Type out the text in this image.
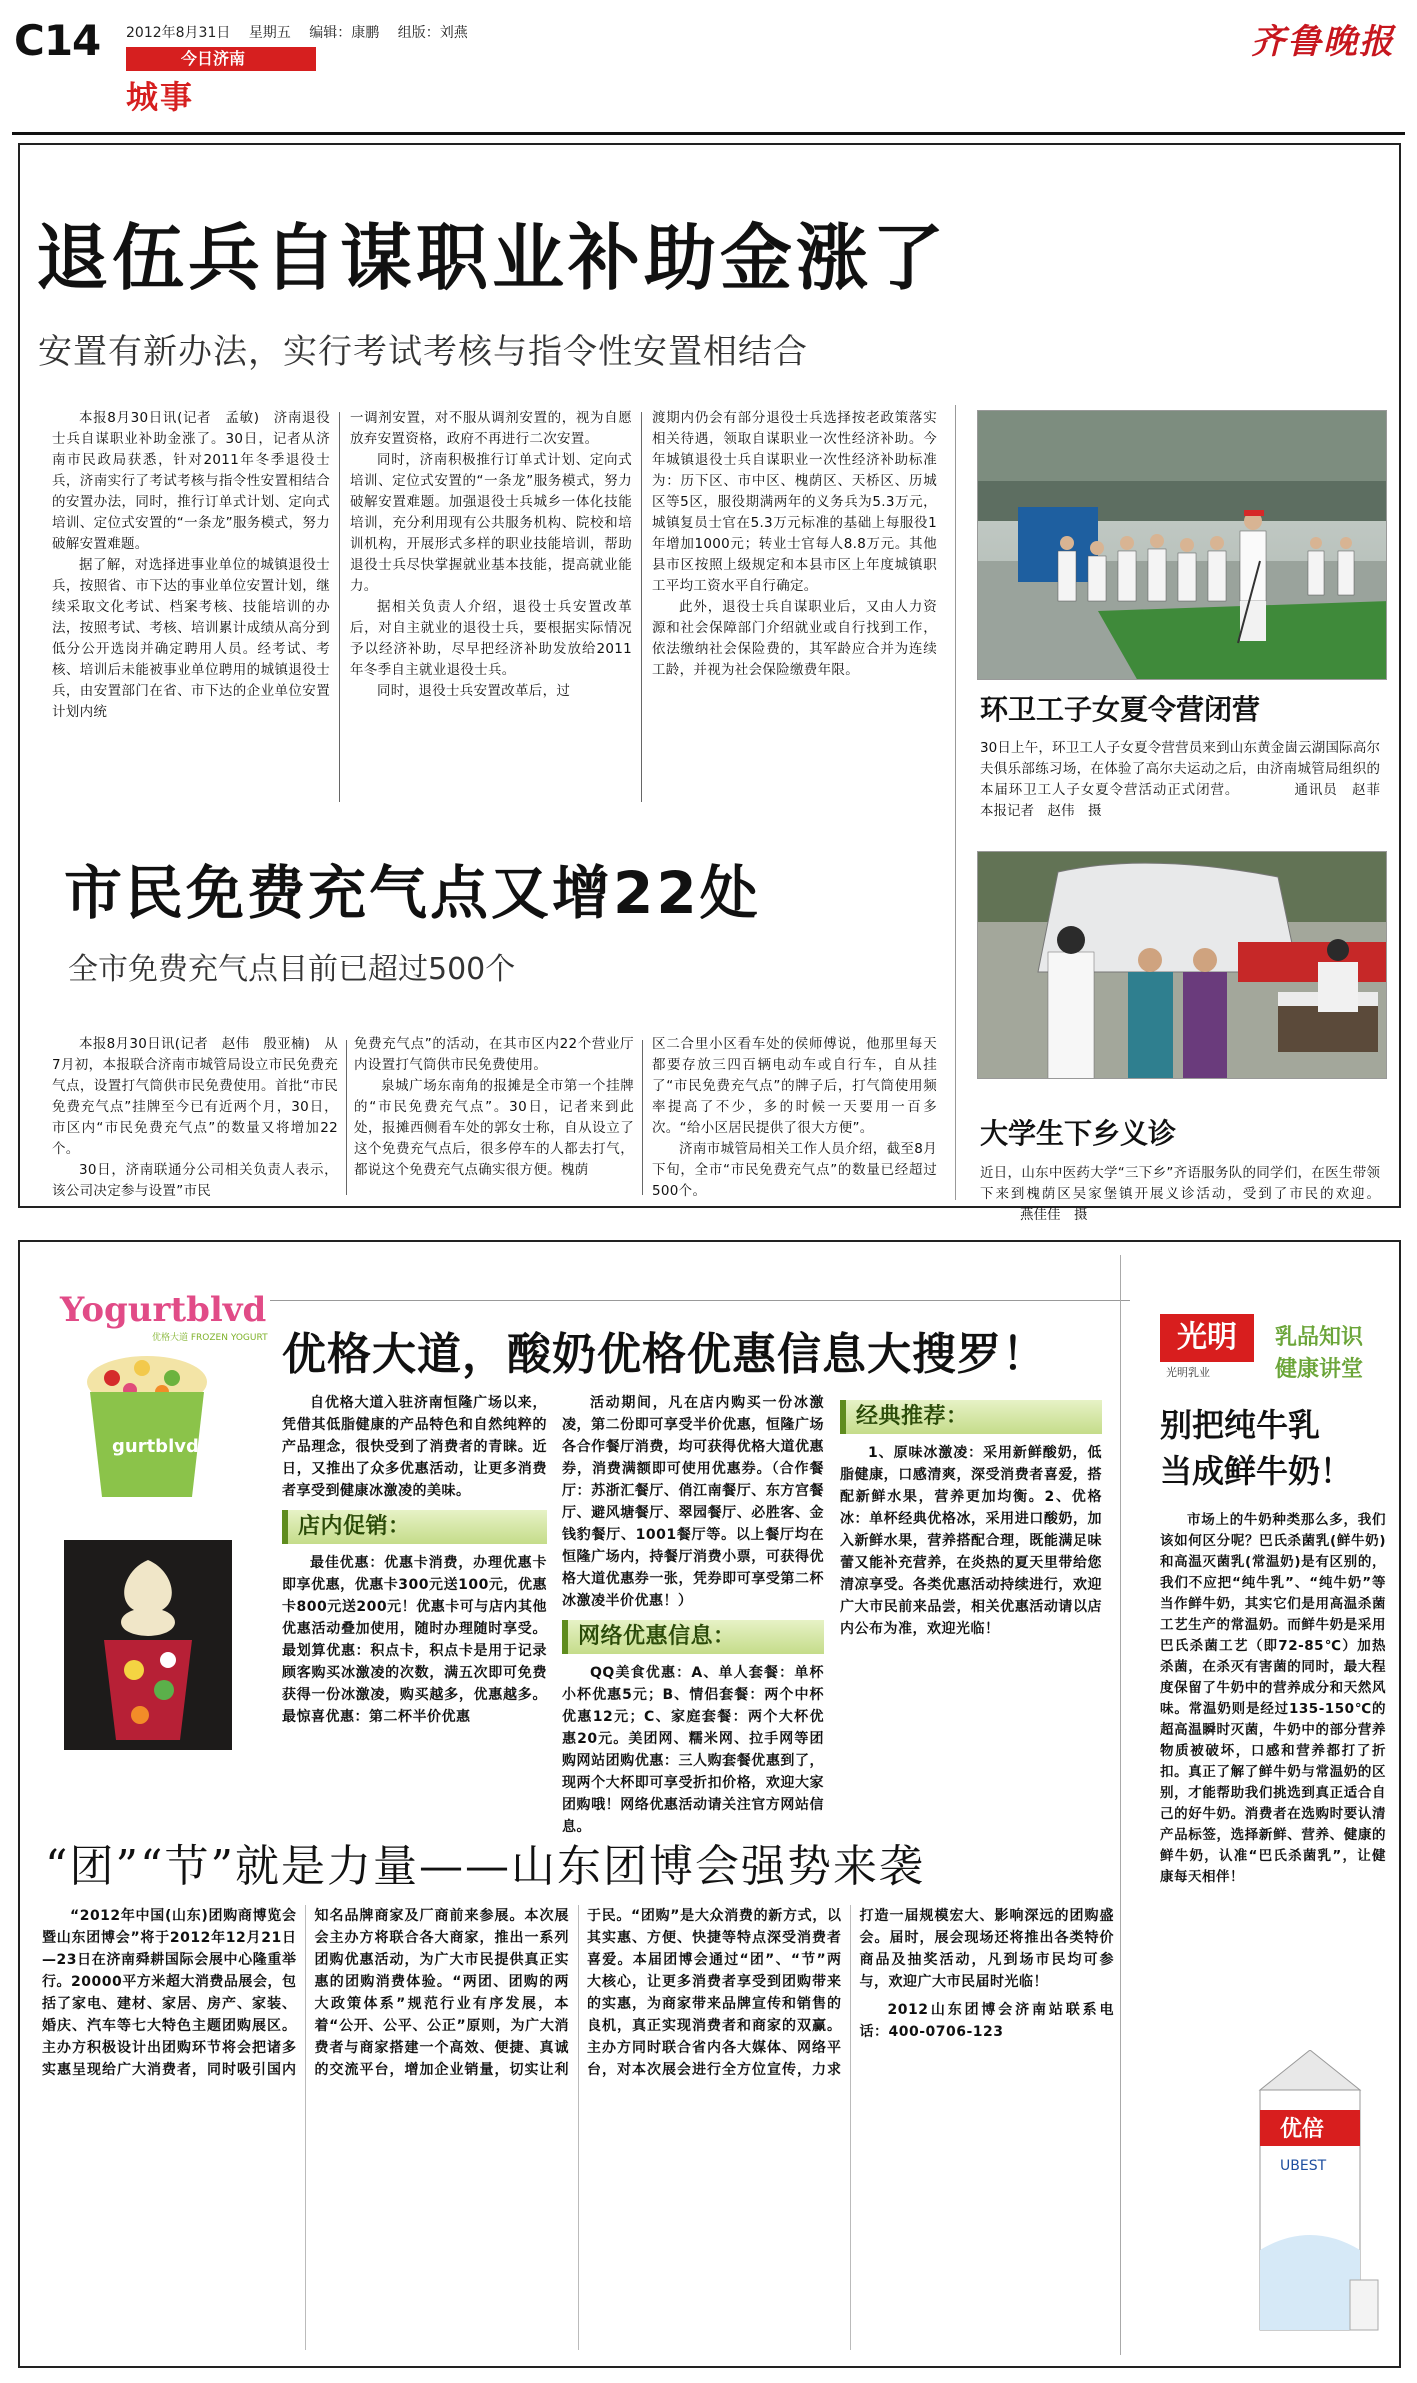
C14 2012年8月31日 星期五 编辑：康鹏 组版：刘燕
今日济南
城事
齐鲁晚报
退伍兵自谋职业补助金涨了
安置有新办法，实行考试考核与指令性安置相结合

本报8月30日讯(记者　孟敏)　济南退役士兵自谋职业补助金涨了。30日，记者从济南市民政局获悉，针对2011年冬季退役士兵，济南实行了考试考核与指令性安置相结合的安置办法，同时，推行订单式计划、定向式培训、定位式安置的“一条龙”服务模式，努力破解安置难题。

据了解，对选择进事业单位的城镇退役士兵，按照省、市下达的事业单位安置计划，继续采取文化考试、档案考核、技能培训的办法，按照考试、考核、培训累计成绩从高分到低分公开选岗并确定聘用人员。经考试、考核、培训后未能被事业单位聘用的城镇退役士兵，由安置部门在省、市下达的企业单位安置计划内统

一调剂安置，对不服从调剂安置的，视为自愿放弃安置资格，政府不再进行二次安置。

同时，济南积极推行订单式计划、定向式培训、定位式安置的“一条龙”服务模式，努力破解安置难题。加强退役士兵城乡一体化技能培训，充分利用现有公共服务机构、院校和培训机构，开展形式多样的职业技能培训，帮助退役士兵尽快掌握就业基本技能，提高就业能力。

据相关负责人介绍，退役士兵安置改革后，对自主就业的退役士兵，要根据实际情况予以经济补助，尽早把经济补助发放给2011年冬季自主就业退役士兵。

同时，退役士兵安置改革后，过

渡期内仍会有部分退役士兵选择按老政策落实相关待遇，领取自谋职业一次性经济补助。今年城镇退役士兵自谋职业一次性经济补助标准为：历下区、市中区、槐荫区、天桥区、历城区等5区，服役期满两年的义务兵为5.3万元，城镇复员士官在5.3万元标准的基础上每服役1年增加1000元；转业士官每人8.8万元。其他县市区按照上级规定和本县市区上年度城镇职工平均工资水平自行确定。

此外，退役士兵自谋职业后，又由人力资源和社会保障部门介绍就业或自行找到工作，依法缴纳社会保险费的，其军龄应合并为连续工龄，并视为社会保险缴费年限。

市民免费充气点又增22处
全市免费充气点目前已超过500个

本报8月30日讯(记者　赵伟　殷亚楠)　从7月初，本报联合济南市城管局设立市民免费充气点，设置打气筒供市民免费使用。首批“市民免费充气点”挂牌至今已有近两个月，30日，市区内“市民免费充气点”的数量又将增加22个。

30日，济南联通分公司相关负责人表示，该公司决定参与设置”市民

免费充气点”的活动，在其市区内22个营业厅内设置打气筒供市民免费使用。

泉城广场东南角的报摊是全市第一个挂牌的“市民免费充气点”。30日，记者来到此处，报摊西侧看车处的郭女士称，自从设立了这个免费充气点后，很多停车的人都去打气，都说这个免费充气点确实很方便。槐荫

区二合里小区看车处的侯师傅说，他那里每天都要存放三四百辆电动车或自行车，自从挂了“市民免费充气点”的牌子后，打气筒使用频率提高了不少，多的时候一天要用一百多次。“给小区居民提供了很大方便”。

济南市城管局相关工作人员介绍，截至8月下旬，全市“市民免费充气点”的数量已经超过500个。

环卫工子女夏令营闭营
30日上午，环卫工人子女夏令营营员来到山东黄金崮云湖国际高尔夫俱乐部练习场，在体验了高尔夫运动之后，由济南城管局组织的本届环卫工人子女夏令营活动正式闭营。	通讯员　赵菲　本报记者　赵伟　摄
大学生下乡义诊
近日，山东中医药大学“三下乡”齐语服务队的同学们，在医生带领下来到槐荫区吴家堡镇开展义诊活动，受到了市民的欢迎。 燕佳佳　摄
Yogurtblvd
优格大道 FROZEN YOGURT
gurtblvd
优格大道，酸奶优格优惠信息大搜罗！

自优格大道入驻济南恒隆广场以来，凭借其低脂健康的产品特色和自然纯粹的产品理念，很快受到了消费者的青睐。近日，又推出了众多优惠活动，让更多消费者享受到健康冰激凌的美味。

店内促销：

最佳优惠：优惠卡消费，办理优惠卡即享优惠，优惠卡300元送100元，优惠卡800元送200元！优惠卡可与店内其他优惠活动叠加使用，随时办理随时享受。最划算优惠：积点卡，积点卡是用于记录顾客购买冰激凌的次数，满五次即可免费获得一份冰激凌，购买越多，优惠越多。最惊喜优惠：第二杯半价优惠

活动期间，凡在店内购买一份冰激凌，第二份即可享受半价优惠，恒隆广场各合作餐厅消费，均可获得优格大道优惠券，消费满额即可使用优惠券。（合作餐厅：苏浙汇餐厅、俏江南餐厅、东方宫餐厅、避风塘餐厅、翠园餐厅、必胜客、金钱豹餐厅、1001餐厅等。以上餐厅均在恒隆广场内，持餐厅消费小票，可获得优格大道优惠券一张，凭券即可享受第二杯冰激凌半价优惠！）

网络优惠信息：

QQ美食优惠：A、单人套餐：单杯小杯优惠5元；B、情侣套餐：两个中杯优惠12元；C、家庭套餐：两个大杯优惠20元。美团网、糯米网、拉手网等团购网站团购优惠：三人购套餐优惠到了，现两个大杯即可享受折扣价格，欢迎大家团购哦！网络优惠活动请关注官方网站信息。

经典推荐：

1、原味冰激凌：采用新鲜酸奶，低脂健康，口感清爽，深受消费者喜爱，搭配新鲜水果，营养更加均衡。2、优格冰：单杯经典优格冰，采用进口酸奶，加入新鲜水果，营养搭配合理，既能满足味蕾又能补充营养，在炎热的夏天里带给您清凉享受。各类优惠活动持续进行，欢迎广大市民前来品尝，相关优惠活动请以店内公布为准，欢迎光临！

“团”“节”就是力量——山东团博会强势来袭

“2012年中国(山东)团购商博览会暨山东团博会”将于2012年12月21日—23日在济南舜耕国际会展中心隆重举行。20000平方米超大消费品展会，包括了家电、建材、家居、房产、家装、婚庆、汽车等七大特色主题团购展区。主办方积极设计出团购环节将会把诸多实惠呈现给广大消费者，同时吸引国内知名品牌商家及厂商前来参展。本次展会主办方将联合各大商家，推出一系列团购优惠活动，为广大市民提供真正实惠的团购消费体验。“两团、团购的两大政策体系”规范行业有序发展，本着“公开、公平、公正”原则，为广大消费者与商家搭建一个高效、便捷、真诚的交流平台，增加企业销量，切实让利于民。“团购”是大众消费的新方式，以其实惠、方便、快捷等特点深受消费者喜爱。本届团博会通过“团”、“节”两大核心，让更多消费者享受到团购带来的实惠，为商家带来品牌宣传和销售的良机，真正实现消费者和商家的双赢。主办方同时联合省内各大媒体、网络平台，对本次展会进行全方位宣传，力求打造一届规模宏大、影响深远的团购盛会。届时，展会现场还将推出各类特价商品及抽奖活动，凡到场市民均可参与，欢迎广大市民届时光临！

2012山东团博会济南站联系电话：400-0706-123

光明
光明乳业
乳品知识
健康讲堂
别把纯牛乳
当成鲜牛奶！

市场上的牛奶种类那么多，我们该如何区分呢？巴氏杀菌乳(鲜牛奶)和高温灭菌乳(常温奶)是有区别的，我们不应把“纯牛乳”、“纯牛奶”等当作鲜牛奶，其实它们是用高温杀菌工艺生产的常温奶。而鲜牛奶是采用巴氏杀菌工艺（即72-85℃）加热杀菌，在杀灭有害菌的同时，最大程度保留了牛奶中的营养成分和天然风味。常温奶则是经过135-150℃的超高温瞬时灭菌，牛奶中的部分营养物质被破坏，口感和营养都打了折扣。真正了解了鲜牛奶与常温奶的区别，才能帮助我们挑选到真正适合自己的好牛奶。消费者在选购时要认清产品标签，选择新鲜、营养、健康的鲜牛奶，认准“巴氏杀菌乳”，让健康每天相伴！

优倍
UBEST
